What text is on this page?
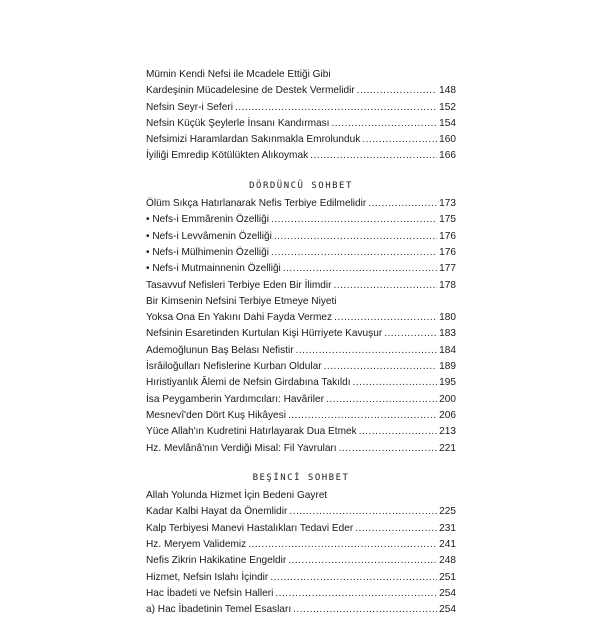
Mümin Kendi Nefsi ile Mcadele Ettiği Gibi
Kardeşinin Mücadelesine de Destek Vermelidir .....	148
Nefsin Seyr-i Seferi .....	152
Nefsin Küçük Şeylerle İnsanı Kandırması .....	154
Nefsimizi Haramlardan Sakınmakla Emrolunduk .....	160
İyiliği Emredip Kötülükten Alıkoymak .....	166
DÖRDÜNCÜ SOHBET
Ölüm Sıkça Hatırlanarak Nefis Terbiye Edilmelidir .....	173
• Nefs-i Emmârenin Özelliği .....	175
• Nefs-i Levvâmenin Özelliği .....	176
• Nefs-i Mülhimenin Özelliği .....	176
• Nefs-i Mutmainnenin Özelliği .....	177
Tasavvuf Nefisleri Terbiye Eden Bir İlimdir .....	178
Bir Kimsenin Nefsini Terbiye Etmeye Niyeti
Yoksa Ona En Yakını Dahi Fayda Vermez .....	180
Nefsinin Esaretinden Kurtulan Kişi Hürriyete Kavuşur .....	183
Ademoğlunun Baş Belası Nefistir .....	184
İsrâiloğulları Nefislerine Kurban Oldular .....	189
Hıristiyanlık Âlemi de Nefsin Girdabına Takıldı .....	195
İsa Peygamberin Yardımcıları: Havâriler .....	200
Mesnevî'den Dört Kuş Hikâyesi .....	206
Yüce Allah'ın Kudretini Hatırlayarak Dua Etmek .....	213
Hz. Mevlânâ'nın Verdiği Misal: Fil Yavruları .....	221
BEŞİNCİ SOHBET
Allah Yolunda Hizmet İçin Bedeni Gayret
Kadar Kalbi Hayat da Önemlidir .....	225
Kalp Terbiyesi Manevi Hastalıkları Tedavi Eder .....	231
Hz. Meryem Validemiz .....	241
Nefis Zikrin Hakikatine Engeldir .....	248
Hizmet, Nefsin Islahı İçindir .....	251
Hac İbadeti ve Nefsin Halleri .....	254
a) Hac İbadetinin Temel Esasları .....	254
